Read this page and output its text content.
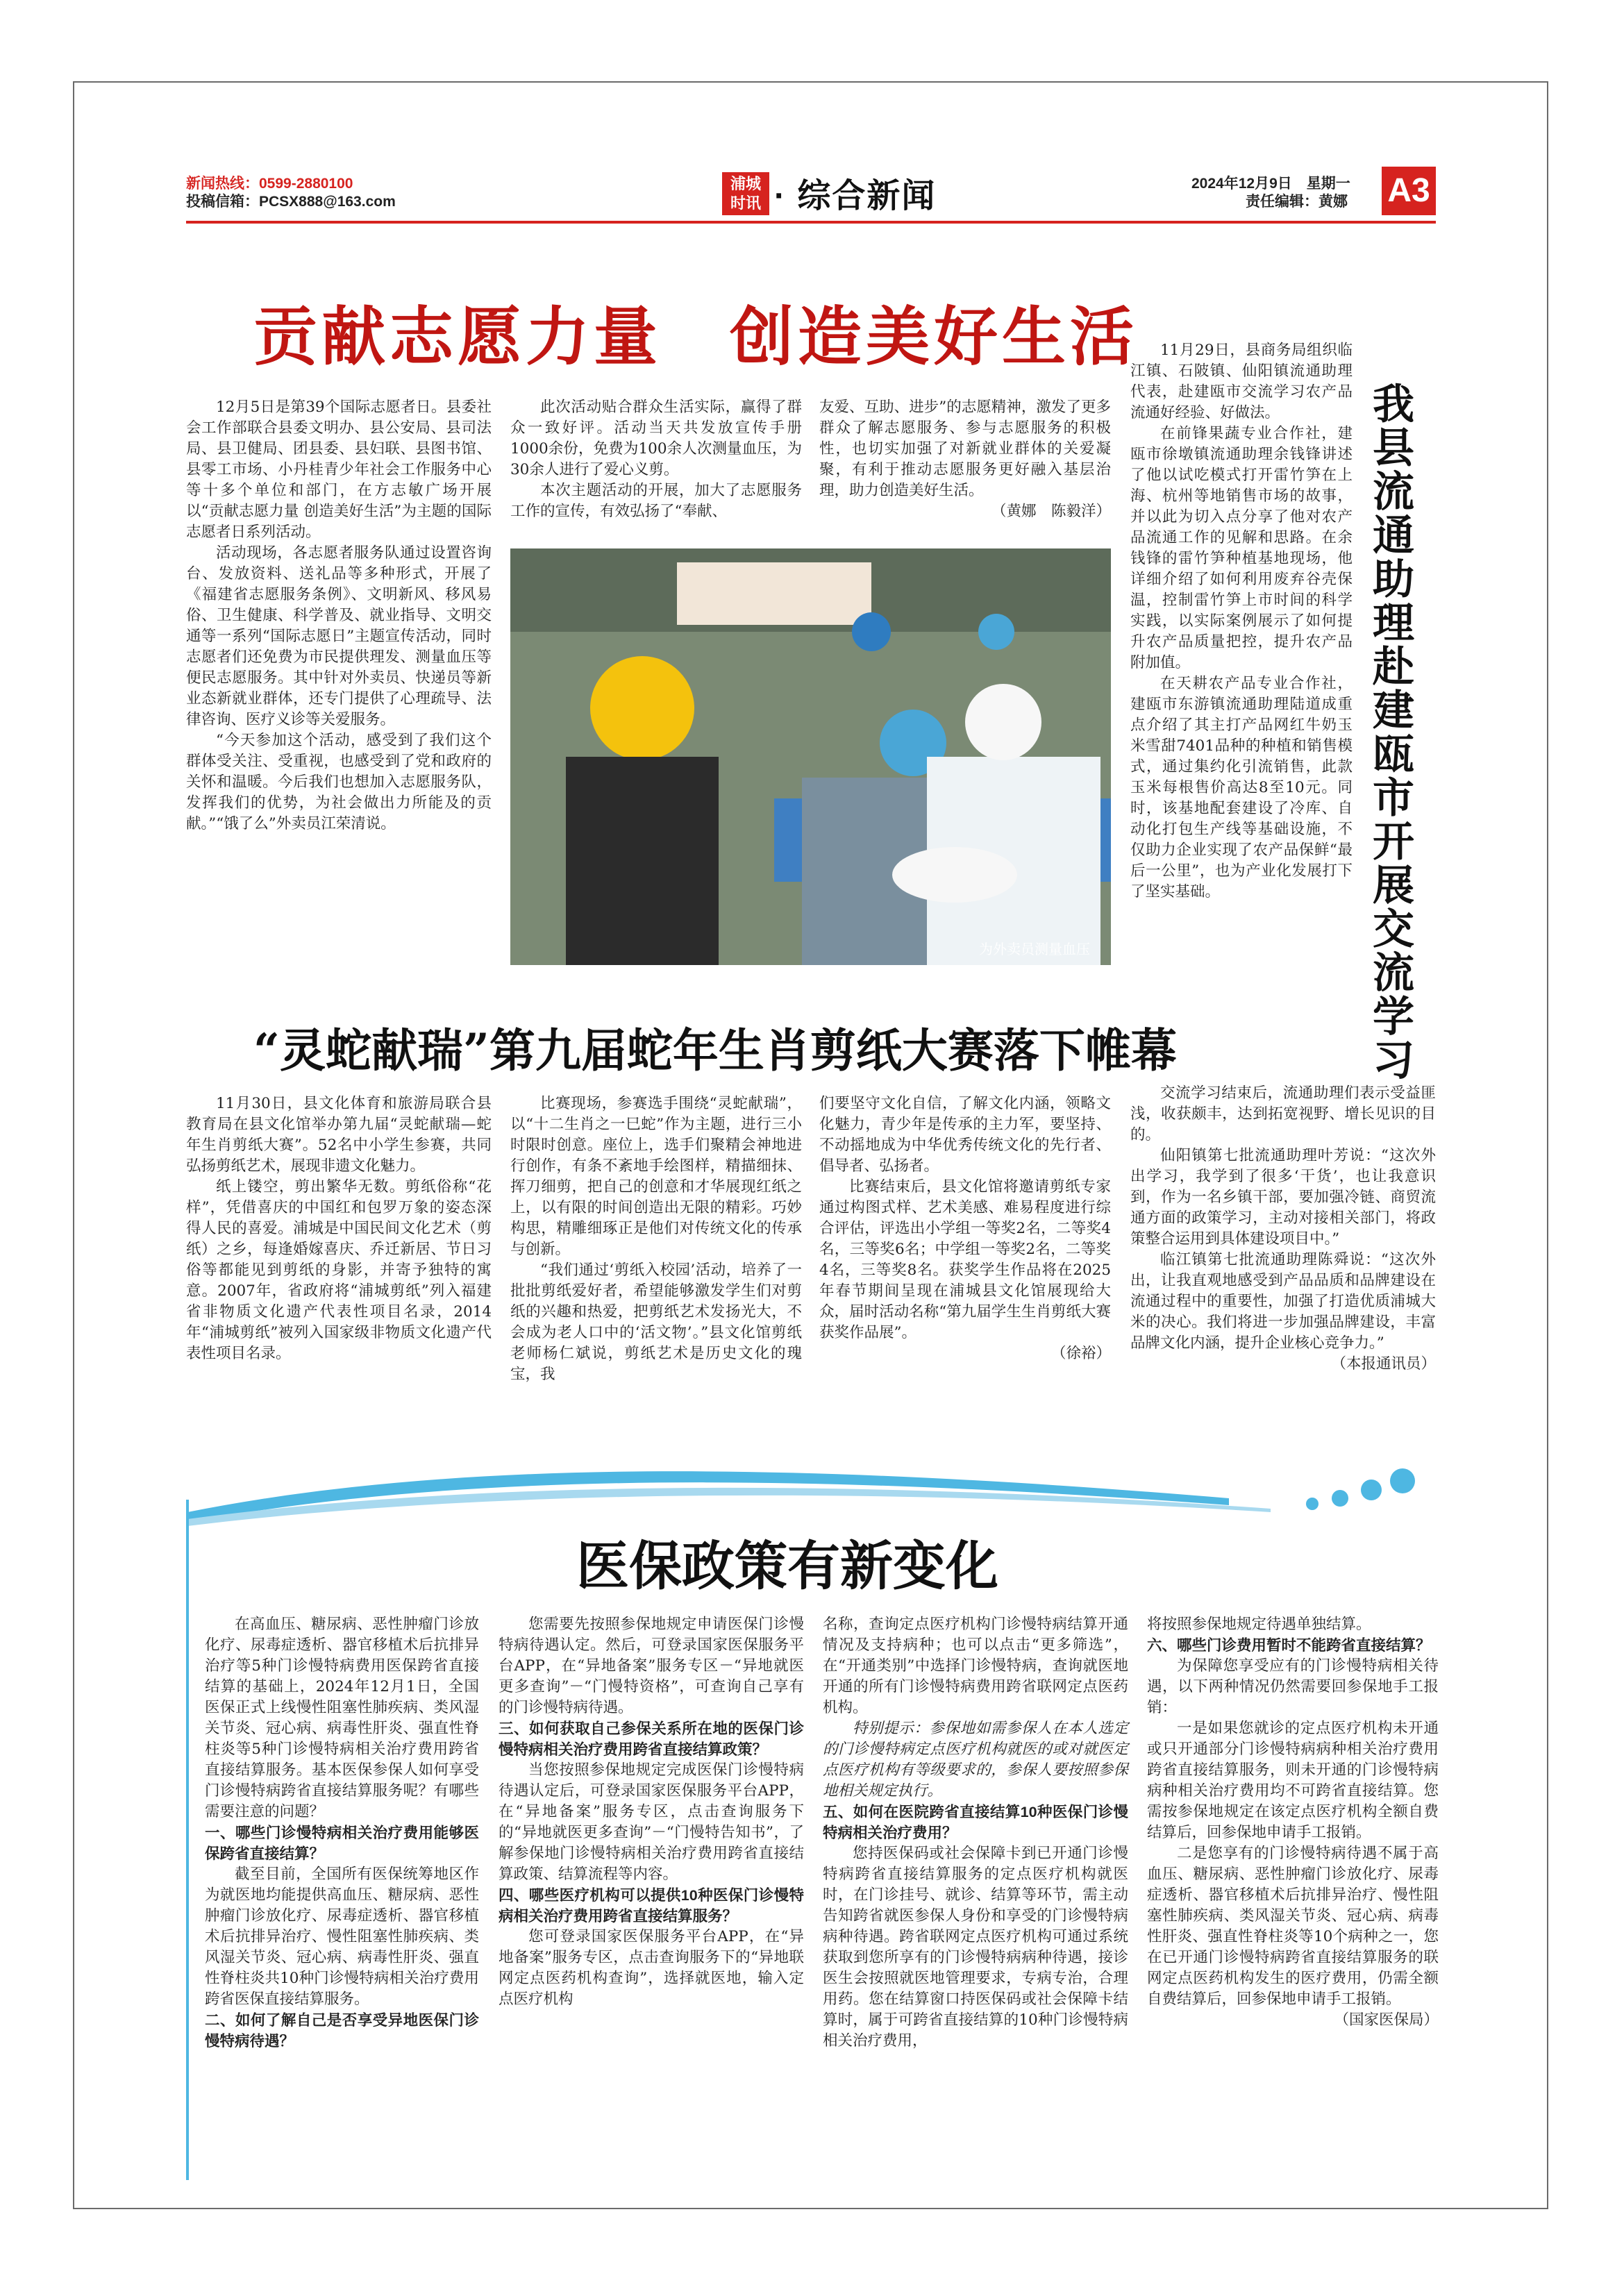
新闻热线：0599-2880100
投稿信箱：PCSX888@163.com
浦城
时讯 · 综合新闻	2024年12月9日　星期一
责任编辑：黄娜 A3
贡献志愿力量　创造美好生活

12月5日是第39个国际志愿者日。县委社会工作部联合县委文明办、县公安局、县司法局、县卫健局、团县委、县妇联、县图书馆、县零工市场、小丹桂青少年社会工作服务中心等十多个单位和部门，在方志敏广场开展以“贡献志愿力量 创造美好生活”为主题的国际志愿者日系列活动。

活动现场，各志愿者服务队通过设置咨询台、发放资料、送礼品等多种形式，开展了《福建省志愿服务条例》、文明新风、移风易俗、卫生健康、科学普及、就业指导、文明交通等一系列“国际志愿日”主题宣传活动，同时志愿者们还免费为市民提供理发、测量血压等便民志愿服务。其中针对外卖员、快递员等新业态新就业群体，还专门提供了心理疏导、法律咨询、医疗义诊等关爱服务。

“今天参加这个活动，感受到了我们这个群体受关注、受重视，也感受到了党和政府的关怀和温暖。今后我们也想加入志愿服务队，发挥我们的优势，为社会做出力所能及的贡献。”“饿了么”外卖员江荣清说。

此次活动贴合群众生活实际，赢得了群众一致好评。活动当天共发放宣传手册1000余份，免费为100余人次测量血压，为30余人进行了爱心义剪。

本次主题活动的开展，加大了志愿服务工作的宣传，有效弘扬了“奉献、

友爱、互助、进步”的志愿精神，激发了更多群众了解志愿服务、参与志愿服务的积极性，也切实加强了对新就业群体的关爱凝聚，有利于推动志愿服务更好融入基层治理，助力创造美好生活。

（黄娜　陈毅洋）

为外卖员测量血压	我县流通助理赴建瓯市开展交流学习

11月29日，县商务局组织临江镇、石陂镇、仙阳镇流通助理代表，赴建瓯市交流学习农产品流通好经验、好做法。

在前锋果蔬专业合作社，建瓯市徐墩镇流通助理余钱锋讲述了他以试吃模式打开雷竹笋在上海、杭州等地销售市场的故事，并以此为切入点分享了他对农产品流通工作的见解和思路。在余钱锋的雷竹笋种植基地现场，他详细介绍了如何利用废弃谷壳保温，控制雷竹笋上市时间的科学实践，以实际案例展示了如何提升农产品质量把控，提升农产品附加值。

在天耕农产品专业合作社，建瓯市东游镇流通助理陆道成重点介绍了其主打产品网红牛奶玉米雪甜7401品种的种植和销售模式，通过集约化引流销售，此款玉米每根售价高达8至10元。同时，该基地配套建设了冷库、自动化打包生产线等基础设施，不仅助力企业实现了农产品保鲜“最后一公里”，也为产业化发展打下了坚实基础。

交流学习结束后，流通助理们表示受益匪浅，收获颇丰，达到拓宽视野、增长见识的目的。

仙阳镇第七批流通助理叶芳说：“这次外出学习，我学到了很多‘干货’，也让我意识到，作为一名乡镇干部，要加强冷链、商贸流通方面的政策学习，主动对接相关部门，将政策整合运用到具体建设项目中。”

临江镇第七批流通助理陈舜说：“这次外出，让我直观地感受到产品品质和品牌建设在流通过程中的重要性，加强了打造优质浦城大米的决心。我们将进一步加强品牌建设，丰富品牌文化内涵，提升企业核心竞争力。”

（本报通讯员）

“灵蛇献瑞”第九届蛇年生肖剪纸大赛落下帷幕

11月30日，县文化体育和旅游局联合县教育局在县文化馆举办第九届“灵蛇献瑞—蛇年生肖剪纸大赛”。52名中小学生参赛，共同弘扬剪纸艺术，展现非遗文化魅力。

纸上镂空，剪出繁华无数。剪纸俗称“花样”，凭借喜庆的中国红和包罗万象的姿态深得人民的喜爱。浦城是中国民间文化艺术（剪纸）之乡，每逢婚嫁喜庆、乔迁新居、节日习俗等都能见到剪纸的身影，并寄予独特的寓意。2007年，省政府将“浦城剪纸”列入福建省非物质文化遗产代表性项目名录，2014年“浦城剪纸”被列入国家级非物质文化遗产代表性项目名录。

比赛现场，参赛选手围绕“灵蛇献瑞”，以“十二生肖之一巳蛇”作为主题，进行三小时限时创意。座位上，选手们聚精会神地进行创作，有条不紊地手绘图样，精描细抹、挥刀细剪，把自己的创意和才华展现红纸之上，以有限的时间创造出无限的精彩。巧妙构思，精雕细琢正是他们对传统文化的传承与创新。

“我们通过‘剪纸入校园’活动，培养了一批批剪纸爱好者，希望能够激发学生们对剪纸的兴趣和热爱，把剪纸艺术发扬光大，不会成为老人口中的‘活文物’。”县文化馆剪纸老师杨仁斌说，剪纸艺术是历史文化的瑰宝，我

们要坚守文化自信，了解文化内涵，领略文化魅力，青少年是传承的主力军，要坚持、不动摇地成为中华优秀传统文化的先行者、倡导者、弘扬者。

比赛结束后，县文化馆将邀请剪纸专家通过构图式样、艺术美感、难易程度进行综合评估，评选出小学组一等奖2名，二等奖4名，三等奖6名；中学组一等奖2名，二等奖4名，三等奖8名。获奖学生作品将在2025年春节期间呈现在浦城县文化馆展现给大众，届时活动名称“第九届学生生肖剪纸大赛获奖作品展”。

（徐裕）

医保政策有新变化

在高血压、糖尿病、恶性肿瘤门诊放化疗、尿毒症透析、器官移植术后抗排异治疗等5种门诊慢特病费用医保跨省直接结算的基础上，2024年12月1日，全国医保正式上线慢性阻塞性肺疾病、类风湿关节炎、冠心病、病毒性肝炎、强直性脊柱炎等5种门诊慢特病相关治疗费用跨省直接结算服务。基本医保参保人如何享受门诊慢特病跨省直接结算服务呢？有哪些需要注意的问题？

一、哪些门诊慢特病相关治疗费用能够医保跨省直接结算？

截至目前，全国所有医保统筹地区作为就医地均能提供高血压、糖尿病、恶性肿瘤门诊放化疗、尿毒症透析、器官移植术后抗排异治疗、慢性阻塞性肺疾病、类风湿关节炎、冠心病、病毒性肝炎、强直性脊柱炎共10种门诊慢特病相关治疗费用跨省医保直接结算服务。

二、如何了解自己是否享受异地医保门诊慢特病待遇？

您需要先按照参保地规定申请医保门诊慢特病待遇认定。然后，可登录国家医保服务平台APP，在“异地备案”服务专区－“异地就医更多查询”－“门慢特资格”，可查询自己享有的门诊慢特病待遇。

三、如何获取自己参保关系所在地的医保门诊慢特病相关治疗费用跨省直接结算政策？

当您按照参保地规定完成医保门诊慢特病待遇认定后，可登录国家医保服务平台APP，在“异地备案”服务专区，点击查询服务下的“异地就医更多查询”－“门慢特告知书”，了解参保地门诊慢特病相关治疗费用跨省直接结算政策、结算流程等内容。

四、哪些医疗机构可以提供10种医保门诊慢特病相关治疗费用跨省直接结算服务？

您可登录国家医保服务平台APP，在“异地备案”服务专区，点击查询服务下的“异地联网定点医药机构查询”，选择就医地，输入定点医疗机构

名称，查询定点医疗机构门诊慢特病结算开通情况及支持病种；也可以点击“更多筛选”，在“开通类别”中选择门诊慢特病，查询就医地开通的所有门诊慢特病费用跨省联网定点医药机构。

特别提示：参保地如需参保人在本人选定的门诊慢特病定点医疗机构就医的或对就医定点医疗机构有等级要求的，参保人要按照参保地相关规定执行。

五、如何在医院跨省直接结算10种医保门诊慢特病相关治疗费用？

您持医保码或社会保障卡到已开通门诊慢特病跨省直接结算服务的定点医疗机构就医时，在门诊挂号、就诊、结算等环节，需主动告知跨省就医参保人身份和享受的门诊慢特病病种待遇。跨省联网定点医疗机构可通过系统获取到您所享有的门诊慢特病病种待遇，接诊医生会按照就医地管理要求，专病专治，合理用药。您在结算窗口持医保码或社会保障卡结算时，属于可跨省直接结算的10种门诊慢特病相关治疗费用，

将按照参保地规定待遇单独结算。

六、哪些门诊费用暂时不能跨省直接结算？

为保障您享受应有的门诊慢特病相关待遇，以下两种情况仍然需要回参保地手工报销：

一是如果您就诊的定点医疗机构未开通或只开通部分门诊慢特病病种相关治疗费用跨省直接结算服务，则未开通的门诊慢特病病种相关治疗费用均不可跨省直接结算。您需按参保地规定在该定点医疗机构全额自费结算后，回参保地申请手工报销。

二是您享有的门诊慢特病待遇不属于高血压、糖尿病、恶性肿瘤门诊放化疗、尿毒症透析、器官移植术后抗排异治疗、慢性阻塞性肺疾病、类风湿关节炎、冠心病、病毒性肝炎、强直性脊柱炎等10个病种之一，您在已开通门诊慢特病跨省直接结算服务的联网定点医药机构发生的医疗费用，仍需全额自费结算后，回参保地申请手工报销。

（国家医保局）
